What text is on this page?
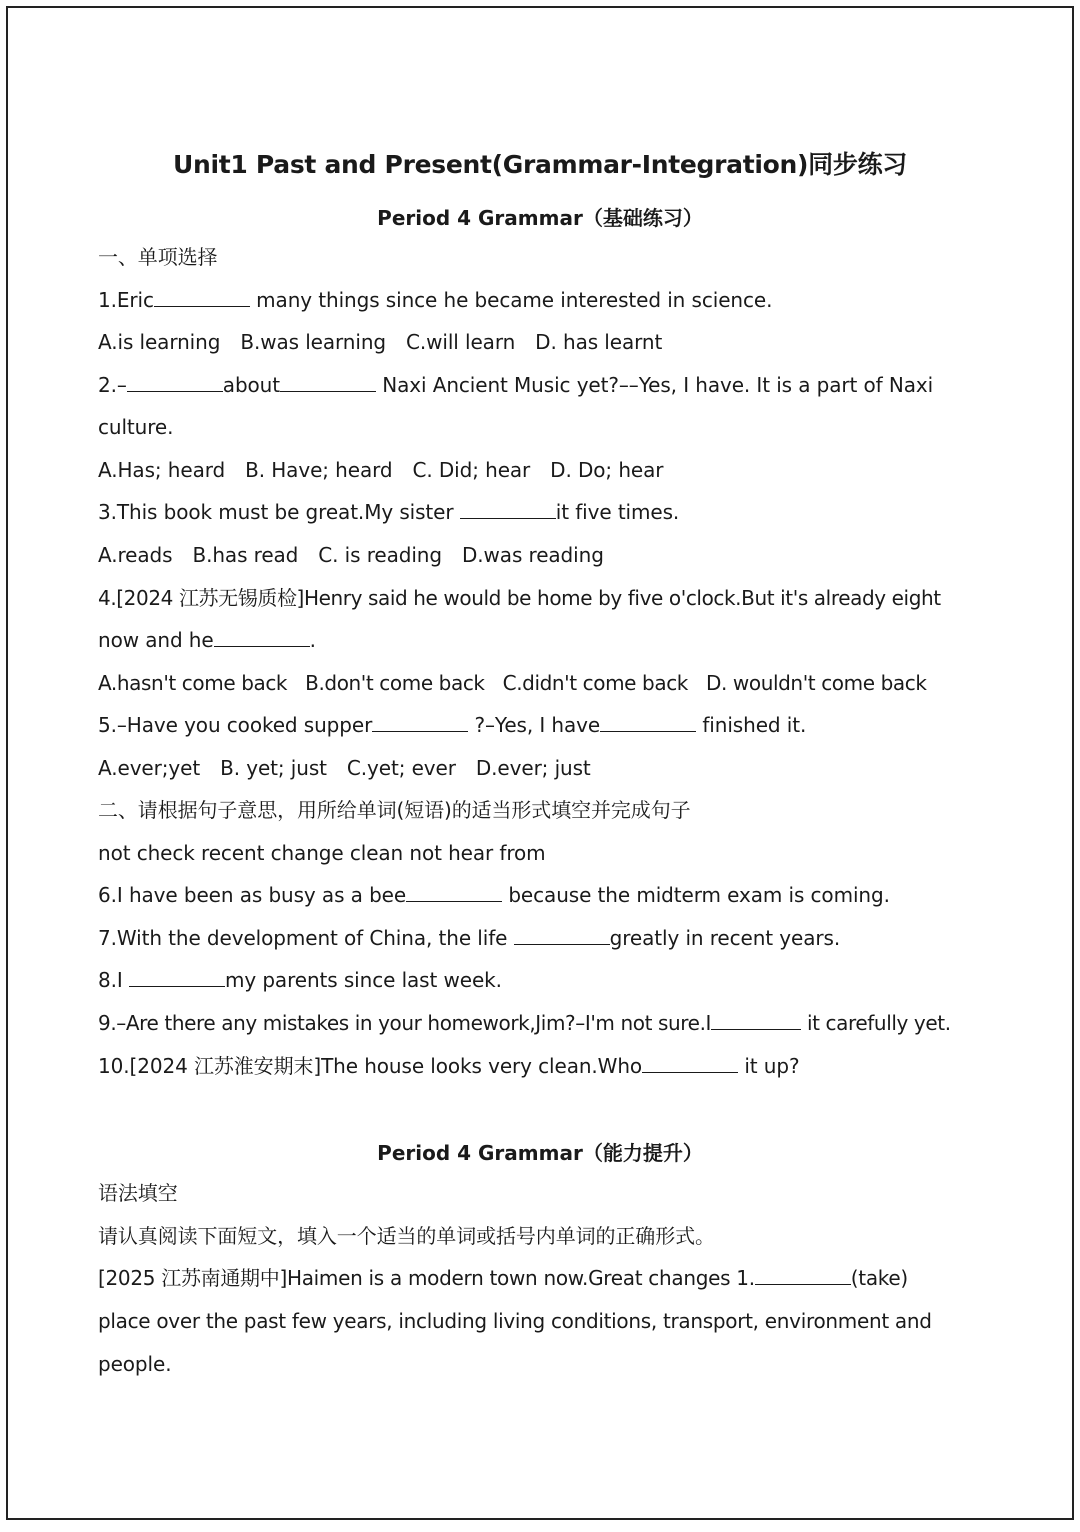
Unit1 Past and Present(Grammar-Integration)同步练习
Period 4 Grammar（基础练习）
一、单项选择
1.Eric	many things since he became interested in science.
A.is learning B.was learning C.will learn D. has learnt
2.–	about	Naxi Ancient Music yet?––Yes, I have. It is a part of Naxi
culture.
A.Has; heard B. Have; heard C. Did; hear D. Do; hear
3.This book must be great.My sister	it five times.
A.reads B.has read C. is reading D.was reading
4.[2024 江苏无锡质检]Henry said he would be home by five o'clock.But it's already eight
now and he	.
A.hasn't come back B.don't come back C.didn't come back D. wouldn't come back
5.–Have you cooked supper	?–Yes, I have	finished it.
A.ever;yet B. yet; just C.yet; ever D.ever; just
二、请根据句子意思，用所给单词(短语)的适当形式填空并完成句子
not check recent change clean not hear from
6.I have been as busy as a bee	because the midterm exam is coming.
7.With the development of China, the life	greatly in recent years.
8.I	my parents since last week.
9.–Are there any mistakes in your homework,Jim?–I'm not sure.I	it carefully yet.
10.[2024 江苏淮安期末]The house looks very clean.Who	it up?
Period 4 Grammar（能力提升）
语法填空
请认真阅读下面短文，填入一个适当的单词或括号内单词的正确形式。
[2025 江苏南通期中]Haimen is a modern town now.Great changes 1.	(take)
place over the past few years, including living conditions, transport, environment and
people.
